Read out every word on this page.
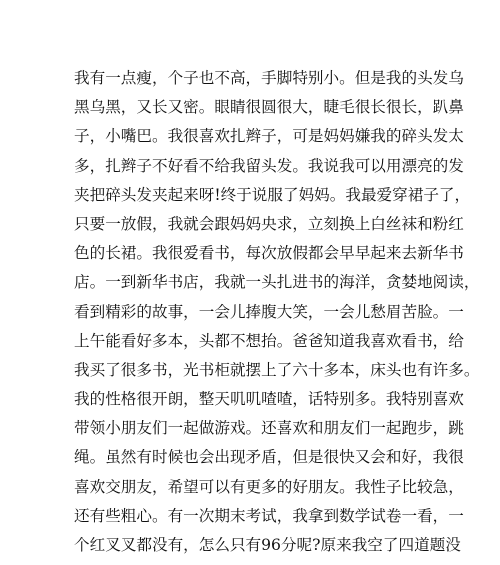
我有一点瘦，个子也不高，手脚特别小。但是我的头发乌
黑乌黑，又长又密。眼睛很圆很大，睫毛很长很长，趴鼻
子，小嘴巴。我很喜欢扎辫子，可是妈妈嫌我的碎头发太
多，扎辫子不好看不给我留头发。我说我可以用漂亮的发
夹把碎头发夹起来呀!终于说服了妈妈。我最爱穿裙子了，
只要一放假，我就会跟妈妈央求，立刻换上白丝袜和粉红
色的长裙。我很爱看书，每次放假都会早早起来去新华书
店。一到新华书店，我就一头扎进书的海洋，贪婪地阅读，
看到精彩的故事，一会儿捧腹大笑，一会儿愁眉苦脸。一
上午能看好多本，头都不想抬。爸爸知道我喜欢看书，给
我买了很多书，光书柜就摆上了六十多本，床头也有许多。
我的性格很开朗，整天叽叽喳喳，话特别多。我特别喜欢
带领小朋友们一起做游戏。还喜欢和朋友们一起跑步，跳
绳。虽然有时候也会出现矛盾，但是很快又会和好，我很
喜欢交朋友，希望可以有更多的好朋友。我性子比较急，
还有些粗心。有一次期末考试，我拿到数学试卷一看，一
个红叉叉都没有，怎么只有96分呢?原来我空了四道题没
